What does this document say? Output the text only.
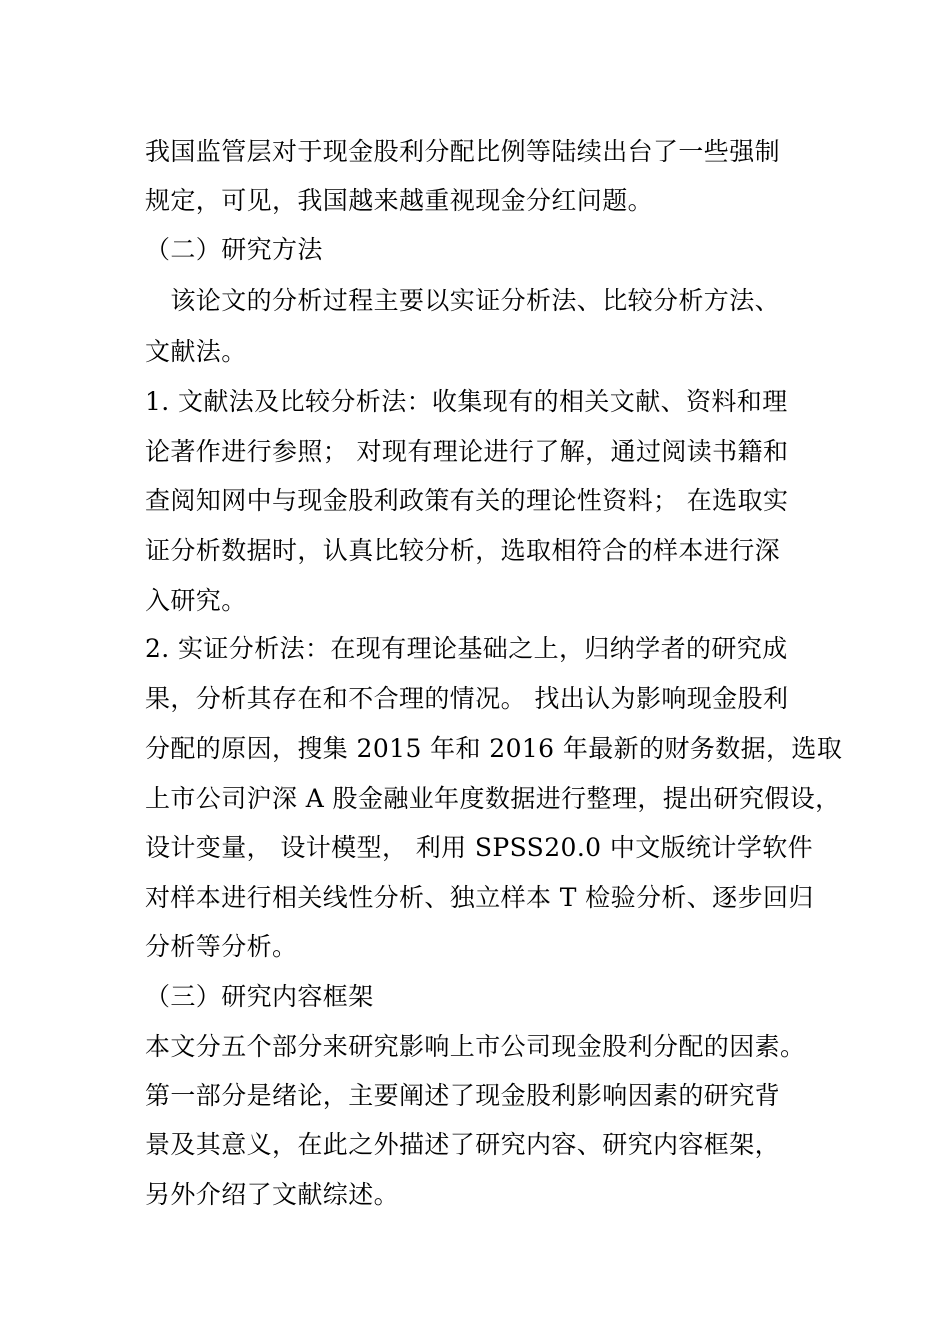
我国监管层对于现金股利分配比例等陆续出台了一些强制
规定，可见，我国越来越重视现金分红问题。
（二）研究方法
　该论文的分析过程主要以实证分析法、比较分析方法、
文献法。
1. 文献法及比较分析法：收集现有的相关文献、资料和理
论著作进行参照； 对现有理论进行了解，通过阅读书籍和
查阅知网中与现金股利政策有关的理论性资料； 在选取实
证分析数据时，认真比较分析，选取相符合的样本进行深
入研究。
2. 实证分析法：在现有理论基础之上，归纳学者的研究成
果，分析其存在和不合理的情况。 找出认为影响现金股利
分配的原因，搜集 2015 年和 2016 年最新的财务数据，选取
上市公司沪深 A 股金融业年度数据进行整理，提出研究假设，
设计变量， 设计模型， 利用 SPSS20.0 中文版统计学软件
对样本进行相关线性分析、独立样本 T 检验分析、逐步回归
分析等分析。
（三）研究内容框架
本文分五个部分来研究影响上市公司现金股利分配的因素。
第一部分是绪论，主要阐述了现金股利影响因素的研究背
景及其意义，在此之外描述了研究内容、研究内容框架，
另外介绍了文献综述。
